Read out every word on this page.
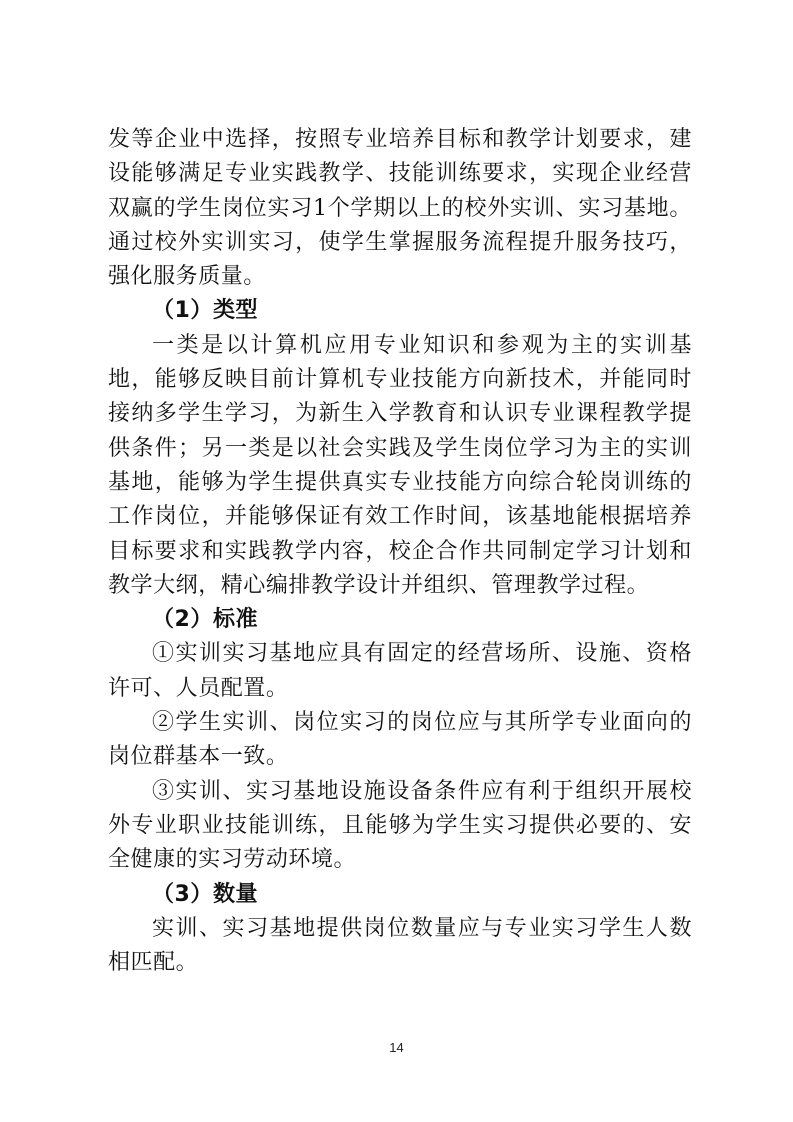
发等企业中选择，按照专业培养目标和教学计划要求，建设能够满足专业实践教学、技能训练要求，实现企业经营双赢的学生岗位实习1个学期以上的校外实训、实习基地。通过校外实训实习，使学生掌握服务流程提升服务技巧，强化服务质量。

（1）类型

一类是以计算机应用专业知识和参观为主的实训基地，能够反映目前计算机专业技能方向新技术，并能同时接纳多学生学习，为新生入学教育和认识专业课程教学提供条件；另一类是以社会实践及学生岗位学习为主的实训基地，能够为学生提供真实专业技能方向综合轮岗训练的工作岗位，并能够保证有效工作时间，该基地能根据培养目标要求和实践教学内容，校企合作共同制定学习计划和教学大纲，精心编排教学设计并组织、管理教学过程。

（2）标准

①实训实习基地应具有固定的经营场所、设施、资格许可、人员配置。

②学生实训、岗位实习的岗位应与其所学专业面向的岗位群基本一致。

③实训、实习基地设施设备条件应有利于组织开展校外专业职业技能训练，且能够为学生实习提供必要的、安全健康的实习劳动环境。

（3）数量

实训、实习基地提供岗位数量应与专业实习学生人数相匹配。

14
